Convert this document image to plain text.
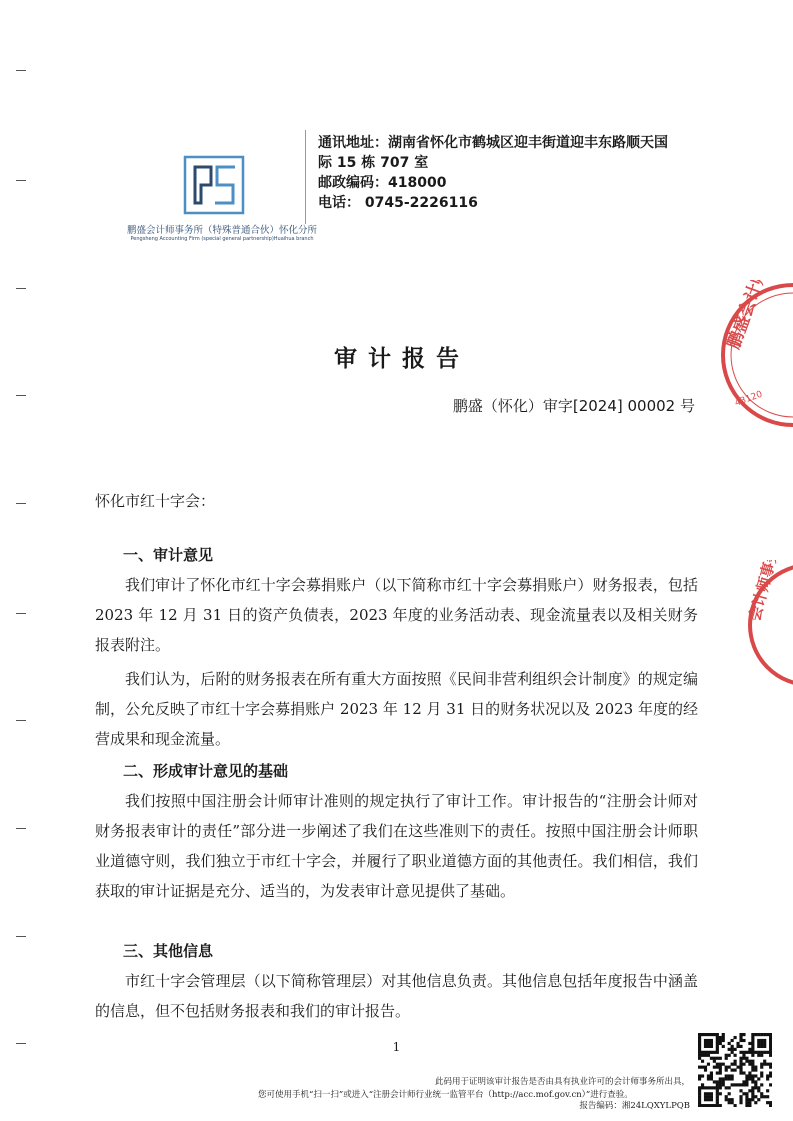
鹏盛会计师事务所（特殊普通合伙）怀化分所
Pengsheng Accounting Firm (special general partnership)Huaihua branch
通讯地址：湖南省怀化市鹤城区迎丰街道迎丰东路顺天国
际 15 栋 707 室
邮政编码：418000
电话： 0745-2226116
审计报告
鹏盛（怀化）审字[2024] 00002 号
怀化市红十字会：
一、审计意见
我们审计了怀化市红十字会募捐账户（以下简称市红十字会募捐账户）财务报表，包括 2023 年 12 月 31 日的资产负债表，2023 年度的业务活动表、现金流量表以及相关财务报表附注。
我们认为，后附的财务报表在所有重大方面按照《民间非营利组织会计制度》的规定编制，公允反映了市红十字会募捐账户 2023 年 12 月 31 日的财务状况以及 2023 年度的经营成果和现金流量。
二、形成审计意见的基础
我们按照中国注册会计师审计准则的规定执行了审计工作。审计报告的“注册会计师对财务报表审计的责任”部分进一步阐述了我们在这些准则下的责任。按照中国注册会计师职业道德守则，我们独立于市红十字会，并履行了职业道德方面的其他责任。我们相信，我们获取的审计证据是充分、适当的，为发表审计意见提供了基础。
三、其他信息
市红十字会管理层（以下简称管理层）对其他信息负责。其他信息包括年度报告中涵盖的信息，但不包括财务报表和我们的审计报告。
1
此码用于证明该审计报告是否由具有执业许可的会计师事务所出具，
报告编码：湘24LQXYLPQB
您可使用手机“扫一扫”或进入“注册会计师行业统一监管平台（http://acc.mof.gov.cn）”进行查验。
鹏盛会计师事务所
43120
会计师事务
